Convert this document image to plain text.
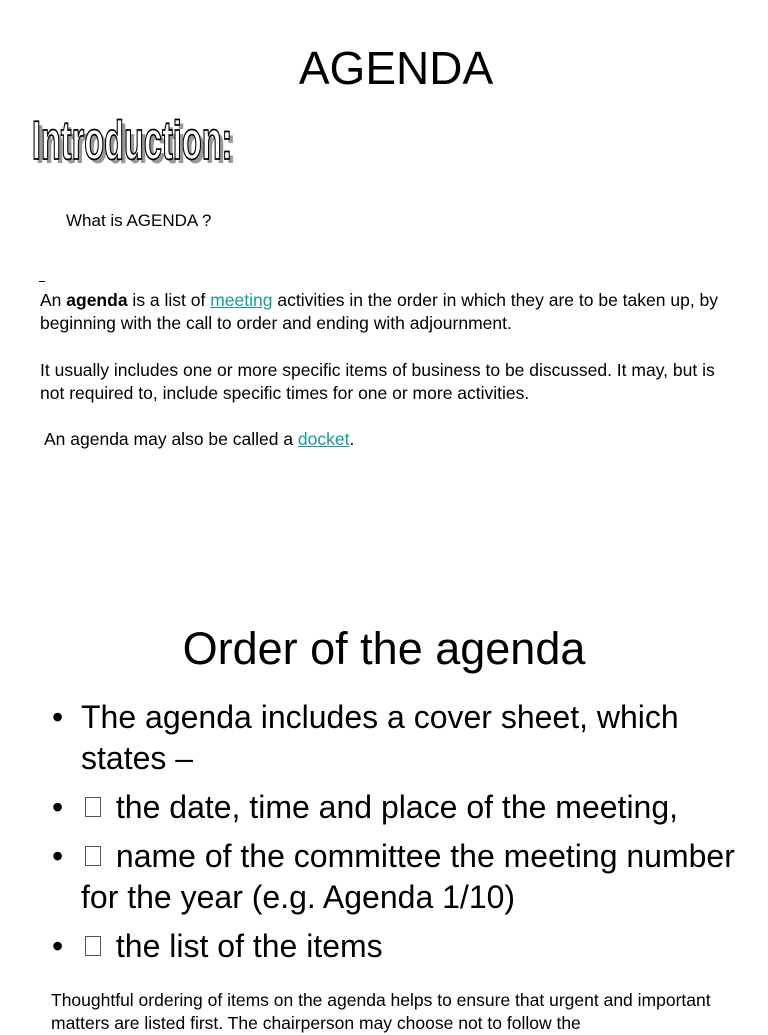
AGENDA
Introduction:
Introduction:
What is AGENDA ?

An agenda is a list of meeting activities in the order in which they are to be taken up, by beginning with the call to order and ending with adjournment.

It usually includes one or more specific items of business to be discussed. It may, but is not required to, include specific times for one or more activities.

An agenda may also be called a docket.

Order of the agenda
• The agenda includes a cover sheet, which states –
• the date, time and place of the meeting,
• name of the committee the meeting number for the year (e.g. Agenda 1/10)
• the list of the items

Thoughtful ordering of items on the agenda helps to ensure that urgent and important matters are listed first. The chairperson may choose not to follow the
